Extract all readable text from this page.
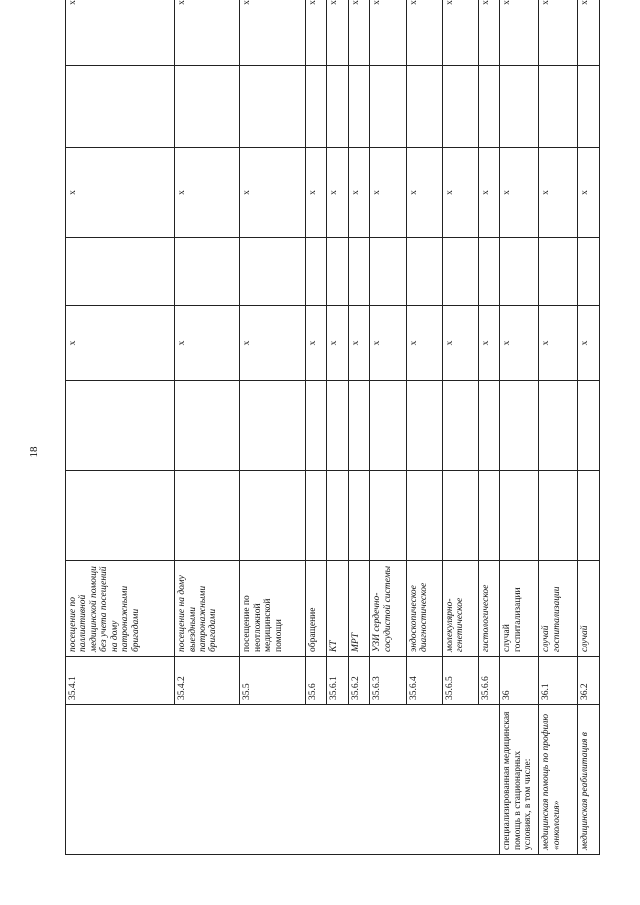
18
	35.4.1	посещение по паллиативной медицинской помощи без учета посещений на дому патронажными бригадами			х		х		х
	35.4.2	посещение на дому выездными патронажными бригадами			х		х		х
	35.5	посещение по неотложной медицинской помощи			х		х		х
	35.6	обращение			х		х		х
	35.6.1	КТ			х		х		х
	35.6.2	МРТ			х		х		х
	35.6.3	УЗИ сердечно-сосудистой системы			х		х		х
	35.6.4	эндоскопическое диагностическое			х		х		х
	35.6.5	молекулярно-генетическое			х		х		х
	35.6.6	гистологическое			х		х		х
специализированная медицинская помощь в стационарных условиях, в том числе:	36	случай госпитализации			х		х		х
медицинская помощь по профилю «онкология»	36.1	случай госпитализации			х		х		х
медицинская реабилитация в	36.2	случай			х		х		х
